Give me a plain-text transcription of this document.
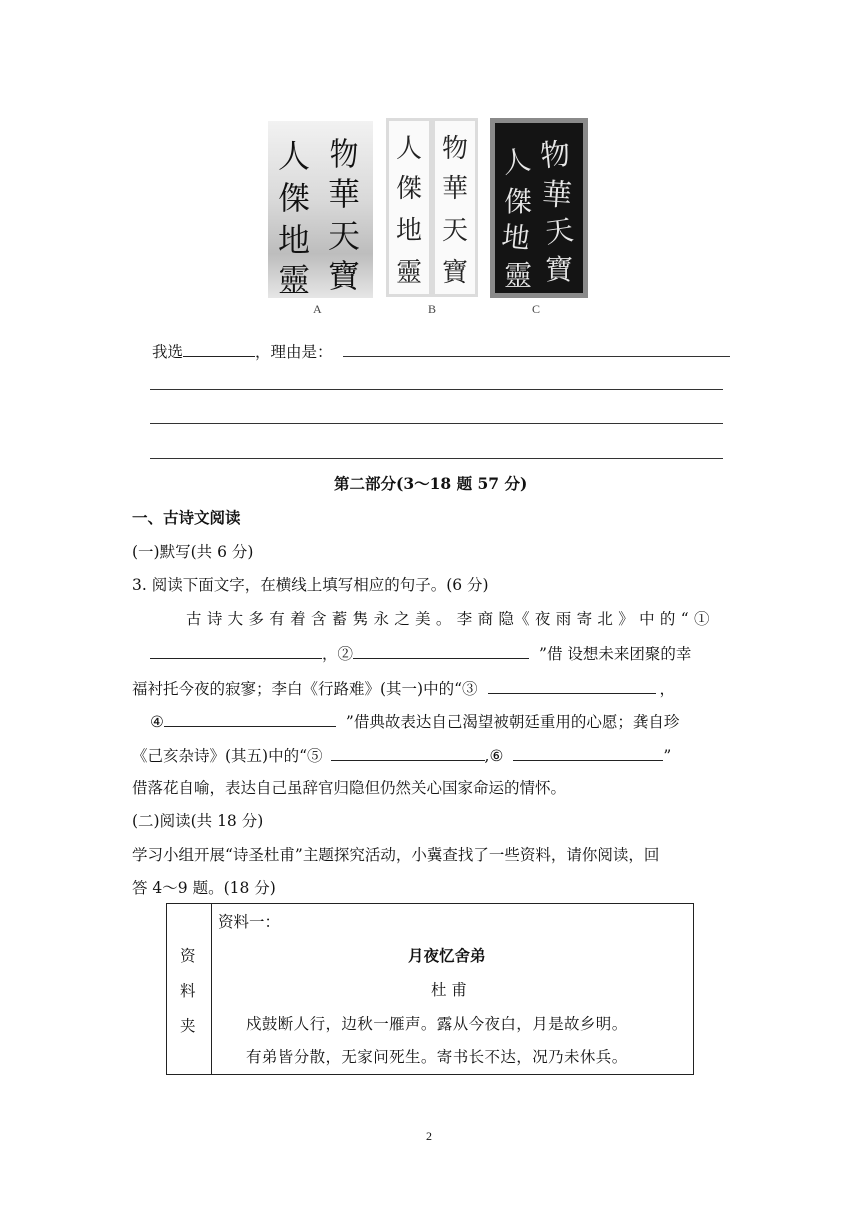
物
華
天
寶
人
傑
地
靈
物
華
天
寶
人
傑
地
靈
物
華
天
寶
人
傑
地
靈
A	B	C
我选	，理由是：
第二部分(3～18 题 57 分)
一、古诗文阅读
(一)默写(共 6 分)
3. 阅读下面文字，在横线上填写相应的句子。(6 分)
古 诗 大 多 有 着 含 蓄 隽 永 之 美 。 李 商 隐《 夜 雨 寄 北 》 中 的 “ ①
，②	”借 设想未来团聚的幸
福衬托今夜的寂寥；李白《行路难》(其一)中的“③	，
④	”借典故表达自己渴望被朝廷重用的心愿；龚自珍
《己亥杂诗》(其五)中的“⑤	,⑥	”
借落花自喻，表达自己虽辞官归隐但仍然关心国家命运的情怀。
(二)阅读(共 18 分)
学习小组开展“诗圣杜甫”主题探究活动，小冀查找了一些资料，请你阅读，回
答 4～9 题。(18 分)
资
料
夹

资料一：
月夜忆舍弟
杜 甫
戍鼓断人行，边秋一雁声。露从今夜白，月是故乡明。
有弟皆分散，无家问死生。寄书长不达，况乃未休兵。
2
